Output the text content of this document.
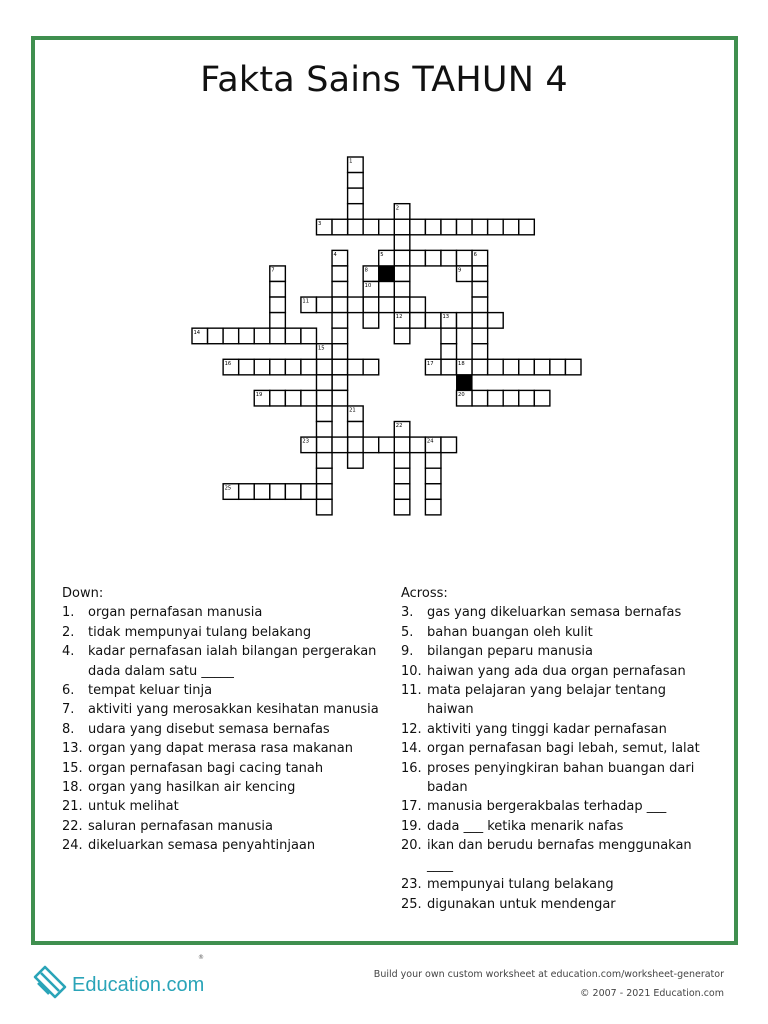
Fakta Sains TAHUN 4
1
2
3
4	5	6
7	8	9
10
11
12	13
14
15
16	17	18
19	20
21
22
23	24
25
Down:
1. organ pernafasan manusia
2. tidak mempunyai tulang belakang
4. kadar pernafasan ialah bilangan pergerakan dada dalam satu _____
6. tempat keluar tinja
7. aktiviti yang merosakkan kesihatan manusia
8. udara yang disebut semasa bernafas
13. organ yang dapat merasa rasa makanan
15. organ pernafasan bagi cacing tanah
18. organ yang hasilkan air kencing
21. untuk melihat
22. saluran pernafasan manusia
24. dikeluarkan semasa penyahtinjaan
Across:
3. gas yang dikeluarkan semasa bernafas
5. bahan buangan oleh kulit
9. bilangan peparu manusia
10. haiwan yang ada dua organ pernafasan
11. mata pelajaran yang belajar tentang haiwan
12. aktiviti yang tinggi kadar pernafasan
14. organ pernafasan bagi lebah, semut, lalat
16. proses penyingkiran bahan buangan dari badan
17. manusia bergerakbalas terhadap ___
19. dada ___ ketika menarik nafas
20. ikan dan berudu bernafas menggunakan ____
23. mempunyai tulang belakang
25. digunakan untuk mendengar
Education.com
®
Build your own custom worksheet at education.com/worksheet-generator
© 2007 - 2021 Education.com
